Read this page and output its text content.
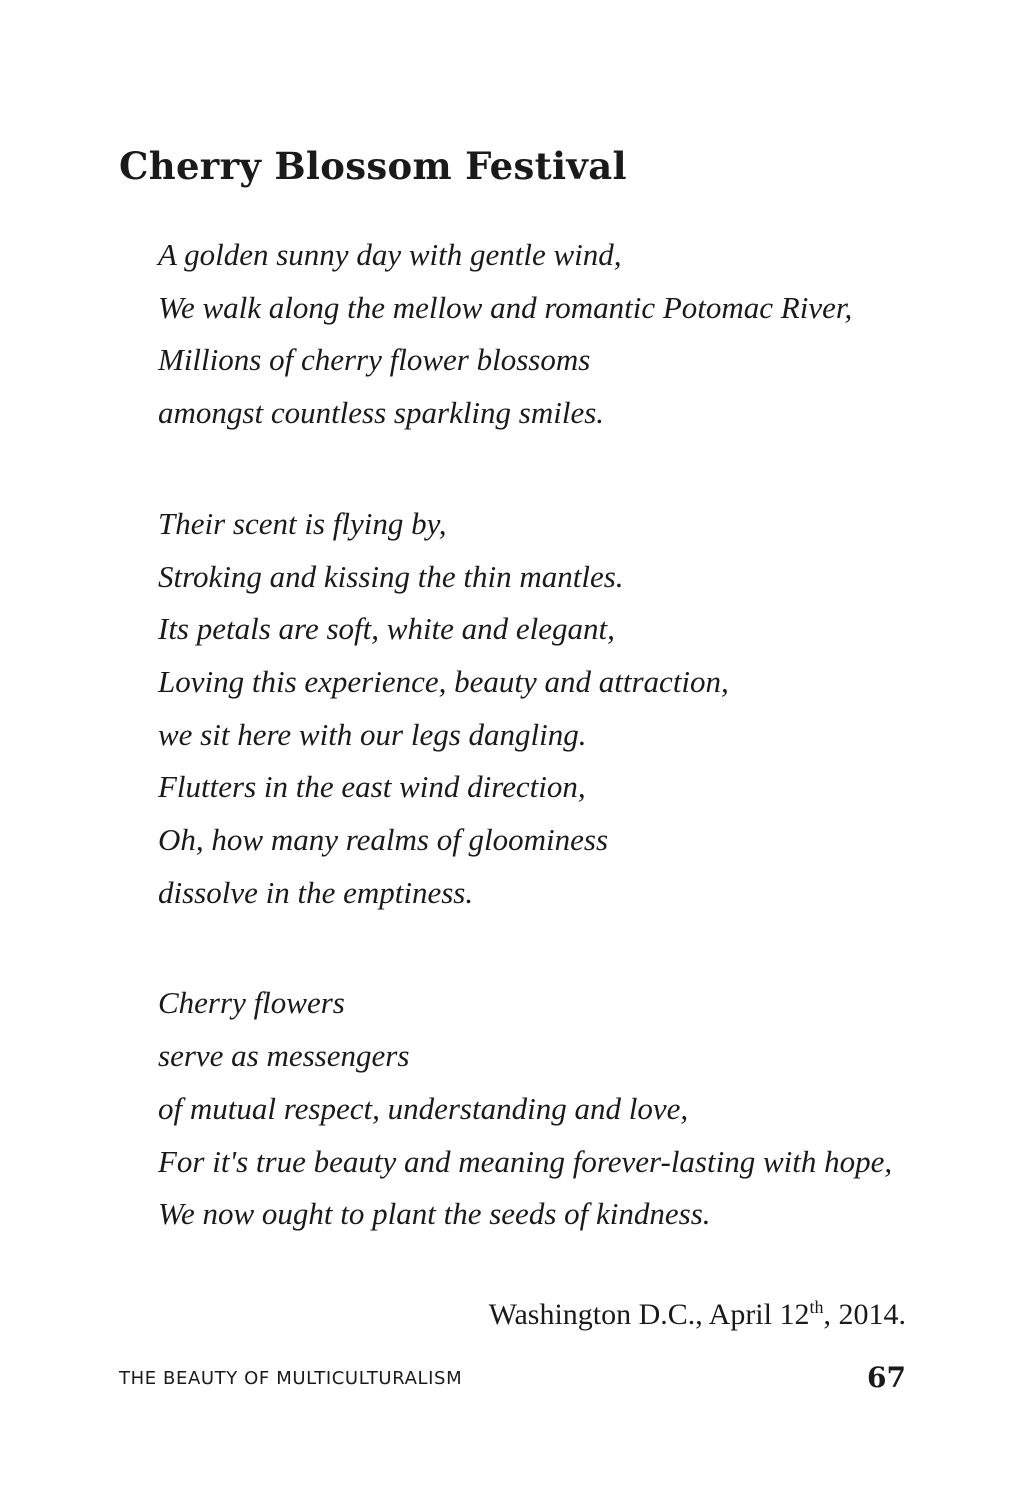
Cherry Blossom Festival

A golden sunny day with gentle wind,
We walk along the mellow and romantic Potomac River,
Millions of cherry flower blossoms
amongst countless sparkling smiles.

Their scent is flying by,
Stroking and kissing the thin mantles.
Its petals are soft, white and elegant,
Loving this experience, beauty and attraction,
we sit here with our legs dangling.
Flutters in the east wind direction,
Oh, how many realms of gloominess
dissolve in the emptiness.

Cherry flowers
serve as messengers
of mutual respect, understanding and love,
For it's true beauty and meaning forever-lasting with hope,
We now ought to plant the seeds of kindness.

Washington D.C., April 12th, 2014.
THE BEAUTY OF MULTICULTURALISM	67
